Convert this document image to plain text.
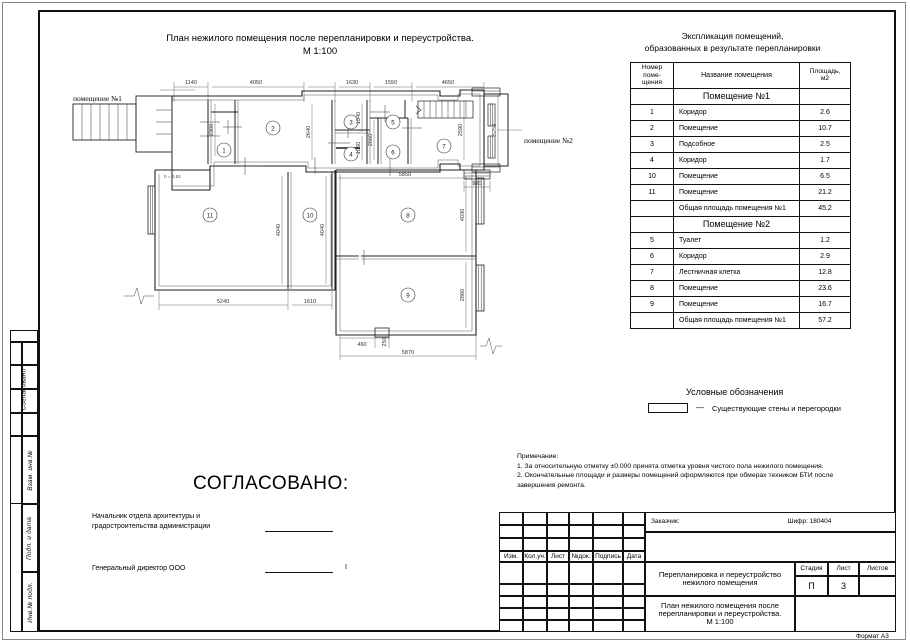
Согласовано
Взам. инв.№
Подп. и дата
Инв.№ подл.
План нежилого помещения после перепланировки и переустройства.
М 1:100
1
2
3
4
5
6
7
8
9
10
11
1140	4050	1630	1550	4650
5240	1610
5870
5850
460
920
2300	2640
1540
1060
2660
2590	3250
4040	4040
4030
2860
250
h = 2,62
помещение №1
помещение №2
Экспликация помещений,
образованных в результате перепланировки
Номер
поме-
щения
	Название помещения	
Площадь,
м2

	Помещение №1	
1	Коридор	2.6
2	Помещение	10.7
3	Подсобное	2.5
4	Коридор	1.7
10	Помещение	6.5
11	Помещение	21.2
	Общая площадь помещения №1	45.2
	Помещение №2	
5	Туалет	1.2
6	Коридор	2.9
7	Лестничная клетка	12.8
8	Помещение	23.6
9	Помещение	16.7
	Общая площадь помещения №1	57.2
Условные обозначения
— Существующие стены и перегородки
Примечание:
1. За относительную отметку ±0.000 принята отметка уровня чистого пола нежилого помещения.
2. Окончательные площади и размеры помещений оформляются при обмерах техником БТИ после
завершения ремонта.
СОГЛАСОВАНО:
Начальник отдела архитектуры и
градостроительства администрации
Генеральный директор ООО	I
Изм. Кол.уч. Лист №док. Подпись Дата
Заказчик:	Шифр: 180404
Перепланировка и переустройство
нежилого помещения
Стадия	Лист	Листов
П	3
План нежилого помещения после
перепланировки и переустройства.
М 1:100
Формат А3
